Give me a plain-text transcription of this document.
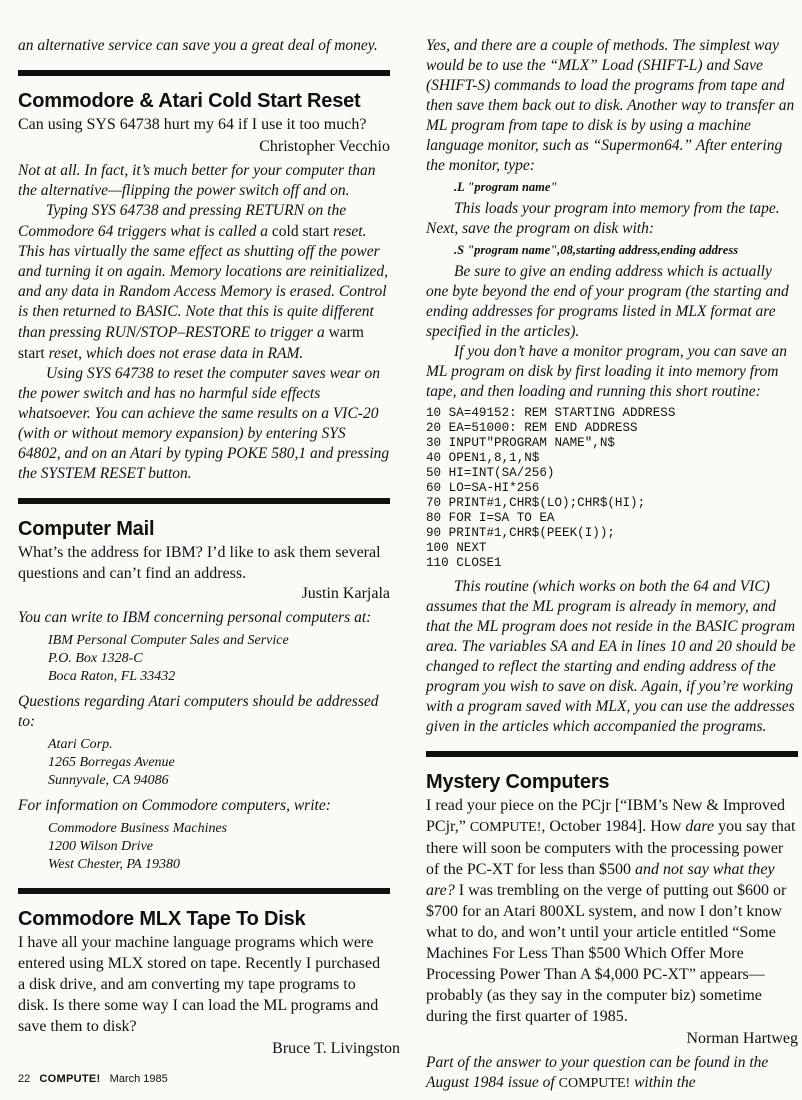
an alternative service can save you a great deal of money.

Commodore & Atari Cold Start Reset

Can using SYS 64738 hurt my 64 if I use it too much?

Christopher Vecchio

Not at all. In fact, it’s much better for your computer than the alternative—flipping the power switch off and on.

Typing SYS 64738 and pressing RETURN on the Commodore 64 triggers what is called a cold start reset. This has virtually the same effect as shutting off the power and turning it on again. Memory locations are reinitialized, and any data in Random Access Memory is erased. Control is then returned to BASIC. Note that this is quite different than pressing RUN/STOP–RESTORE to trigger a warm start reset, which does not erase data in RAM.

Using SYS 64738 to reset the computer saves wear on the power switch and has no harmful side effects whatsoever. You can achieve the same results on a VIC-20 (with or without memory expansion) by entering SYS 64802, and on an Atari by typing POKE 580,1 and pressing the SYSTEM RESET button.

Computer Mail

What’s the address for IBM? I’d like to ask them several questions and can’t find an address.

Justin Karjala

You can write to IBM concerning personal computers at:

IBM Personal Computer Sales and Service
P.O. Box 1328-C
Boca Raton, FL 33432

Questions regarding Atari computers should be addressed to:

Atari Corp.
1265 Borregas Avenue
Sunnyvale, CA 94086

For information on Commodore computers, write:

Commodore Business Machines
1200 Wilson Drive
West Chester, PA 19380
Commodore MLX Tape To Disk

I have all your machine language programs which were entered using MLX stored on tape. Recently I purchased a disk drive, and am converting my tape programs to disk. Is there some way I can load the ML programs and save them to disk?

Bruce T. Livingston

Yes, and there are a couple of methods. The simplest way would be to use the “MLX” Load (SHIFT-L) and Save (SHIFT-S) commands to load the programs from tape and then save them back out to disk. Another way to transfer an ML program from tape to disk is by using a machine language monitor, such as “Supermon64.” After entering the monitor, type:

.L "program name"

This loads your program into memory from the tape. Next, save the program on disk with:

.S "program name",08,starting address,ending address

Be sure to give an ending address which is actually one byte beyond the end of your program (the starting and ending addresses for programs listed in MLX format are specified in the articles).

If you don’t have a monitor program, you can save an ML program on disk by first loading it into memory from tape, and then loading and running this short routine:

10 SA=49152: REM STARTING ADDRESS
20 EA=51000: REM END ADDRESS
30 INPUT"PROGRAM NAME",N$
40 OPEN1,8,1,N$
50 HI=INT(SA/256)
60 LO=SA-HI*256
70 PRINT#1,CHR$(LO);CHR$(HI);
80 FOR I=SA TO EA
90 PRINT#1,CHR$(PEEK(I));
100 NEXT
110 CLOSE1

This routine (which works on both the 64 and VIC) assumes that the ML program is already in memory, and that the ML program does not reside in the BASIC program area. The variables SA and EA in lines 10 and 20 should be changed to reflect the starting and ending address of the program you wish to save on disk. Again, if you’re working with a program saved with MLX, you can use the addresses given in the articles which accompanied the programs.

Mystery Computers

I read your piece on the PCjr [“IBM’s New & Improved PCjr,” COMPUTE!, October 1984]. How dare you say that there will soon be computers with the processing power of the PC-XT for less than $500 and not say what they are? I was trembling on the verge of putting out $600 or $700 for an Atari 800XL system, and now I don’t know what to do, and won’t until your article entitled “Some Machines For Less Than $500 Which Offer More Processing Power Than A $4,000 PC-XT” appears—probably (as they say in the computer biz) sometime during the first quarter of 1985.

Norman Hartweg

Part of the answer to your question can be found in the August 1984 issue of COMPUTE! within the

22 COMPUTE! March 1985
